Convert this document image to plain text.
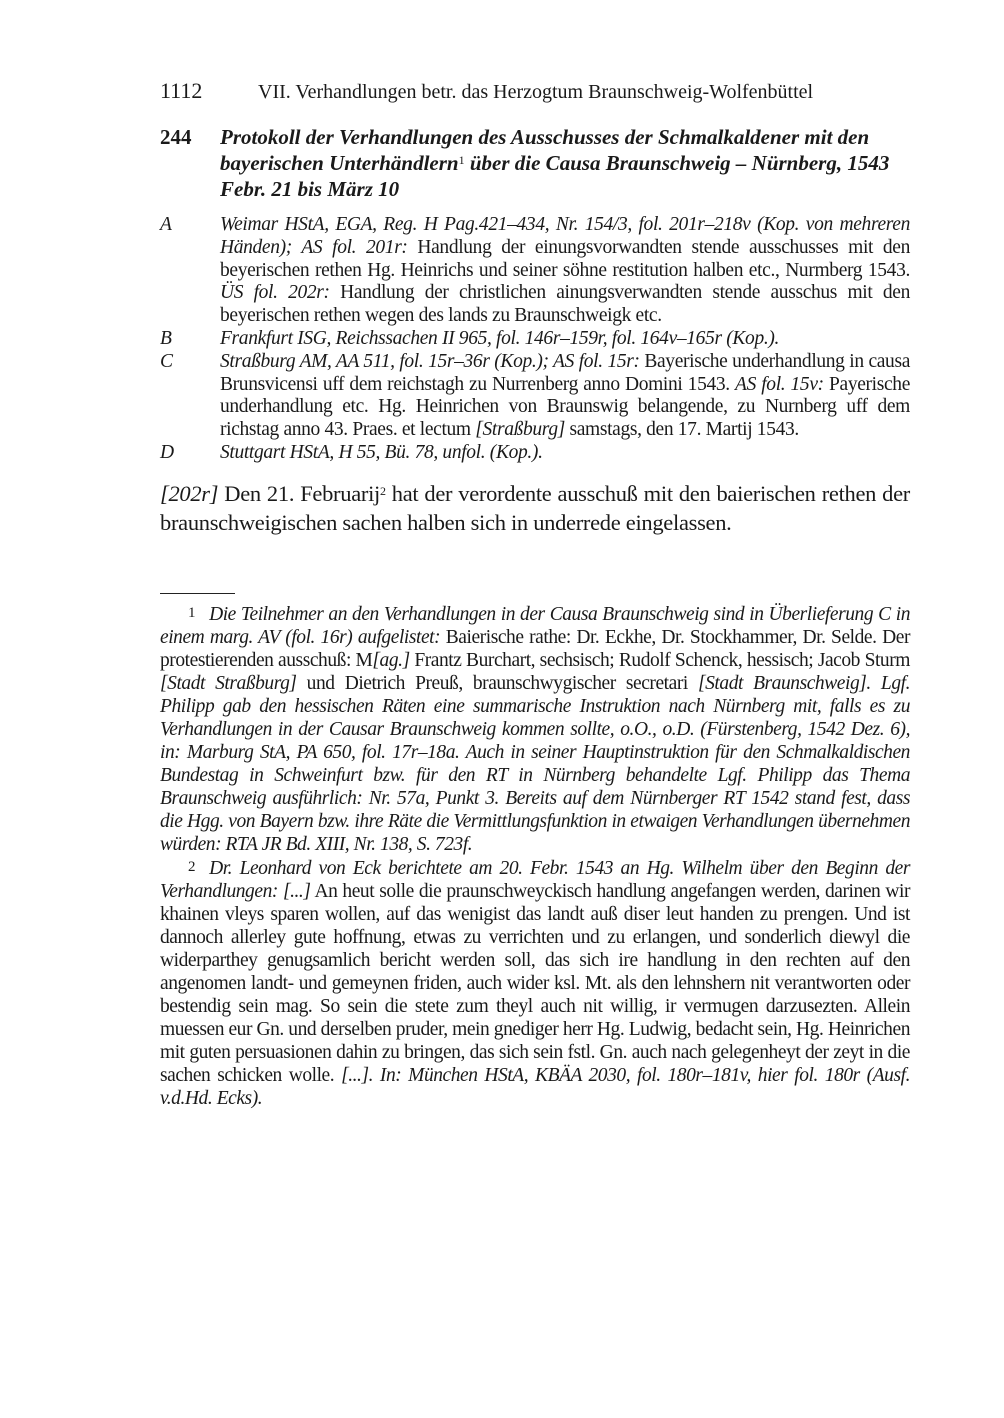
1112	VII. Verhandlungen betr. das Herzogtum Braunschweig-Wolfenbüttel
244	Protokoll der Verhandlungen des Ausschusses der Schmalkaldener mit den bayerischen Unterhändlern$^1$ über die Causa Braunschweig – Nürnberg, 1543 Febr. 21 bis März 10
A	Weimar HStA, EGA, Reg. H Pag.421–434, Nr. 154/3, fol. 201r–218v (Kop. von mehreren Händen); AS fol. 201r: Handlung der einungsvorwandten stende ausschusses mit den beyerischen rethen Hg. Heinrichs und seiner söhne restitution halben etc., Nurmberg 1543. ÜS fol. 202r: Handlung der christlichen ainungsverwandten stende ausschus mit den beyerischen rethen wegen des lands zu Braunschweigk etc.
B	Frankfurt ISG, Reichssachen II 965, fol. 146r–159r, fol. 164v–165r (Kop.).
C	Straßburg AM, AA 511, fol. 15r–36r (Kop.); AS fol. 15r: Bayerische underhandlung in causa Brunsvicensi uff dem reichstagh zu Nurrenberg anno Domini 1543. AS fol. 15v: Payerische underhandlung etc. Hg. Heinrichen von Braunswig belangende, zu Nurnberg uff dem richstag anno 43. Praes. et lectum [Straßburg] samstags, den 17. Martij 1543.
D	Stuttgart HStA, H 55, Bü. 78, unfol. (Kop.).
[202r] Den 21. Februarij$^2$ hat der verordente ausschuß mit den baierischen rethen der braunschweigischen sachen halben sich in underrede eingelassen.
1 Die Teilnehmer an den Verhandlungen in der Causa Braunschweig sind in Überlieferung C in einem marg. AV (fol. 16r) aufgelistet: Baierische rathe: Dr. Eckhe, Dr. Stockhammer, Dr. Selde. Der protestierenden ausschuß: M[ag.] Frantz Burchart, sechsisch; Rudolf Schenck, hessisch; Jacob Sturm [Stadt Straßburg] und Dietrich Preuß, braunschwygischer secretari [Stadt Braunschweig]. Lgf. Philipp gab den hessischen Räten eine summarische Instruktion nach Nürnberg mit, falls es zu Verhandlungen in der Causar Braunschweig kommen sollte, o.O., o.D. (Fürstenberg, 1542 Dez. 6), in: Marburg StA, PA 650, fol. 17r–18a. Auch in seiner Hauptinstruktion für den Schmalkaldischen Bundestag in Schweinfurt bzw. für den RT in Nürnberg behandelte Lgf. Philipp das Thema Braunschweig ausführlich: Nr. 57a, Punkt 3. Bereits auf dem Nürnberger RT 1542 stand fest, dass die Hgg. von Bayern bzw. ihre Räte die Vermittlungsfunktion in etwaigen Verhandlungen übernehmen würden: RTA JR Bd. XIII, Nr. 138, S. 723f.
2 Dr. Leonhard von Eck berichtete am 20. Febr. 1543 an Hg. Wilhelm über den Beginn der Verhandlungen: [...] An heut solle die praunschweyckisch handlung angefangen werden, darinen wir khainen vleys sparen wollen, auf das wenigist das landt auß diser leut handen zu prengen. Und ist dannoch allerley gute hoffnung, etwas zu verrichten und zu erlangen, und sonderlich diewyl die widerparthey genugsamlich bericht werden soll, das sich ire handlung in den rechten auf den angenomen landt- und gemeynen friden, auch wider ksl. Mt. als den lehnshern nit verantworten oder bestendig sein mag. So sein die stete zum theyl auch nit willig, ir vermugen darzusezten. Allein muessen eur Gn. und derselben pruder, mein gnediger herr Hg. Ludwig, bedacht sein, Hg. Heinrichen mit guten persuasionen dahin zu bringen, das sich sein fstl. Gn. auch nach gelegenheyt der zeyt in die sachen schicken wolle. [...]. In: München HStA, KBÄA 2030, fol. 180r–181v, hier fol. 180r (Ausf. v.d.Hd. Ecks).
